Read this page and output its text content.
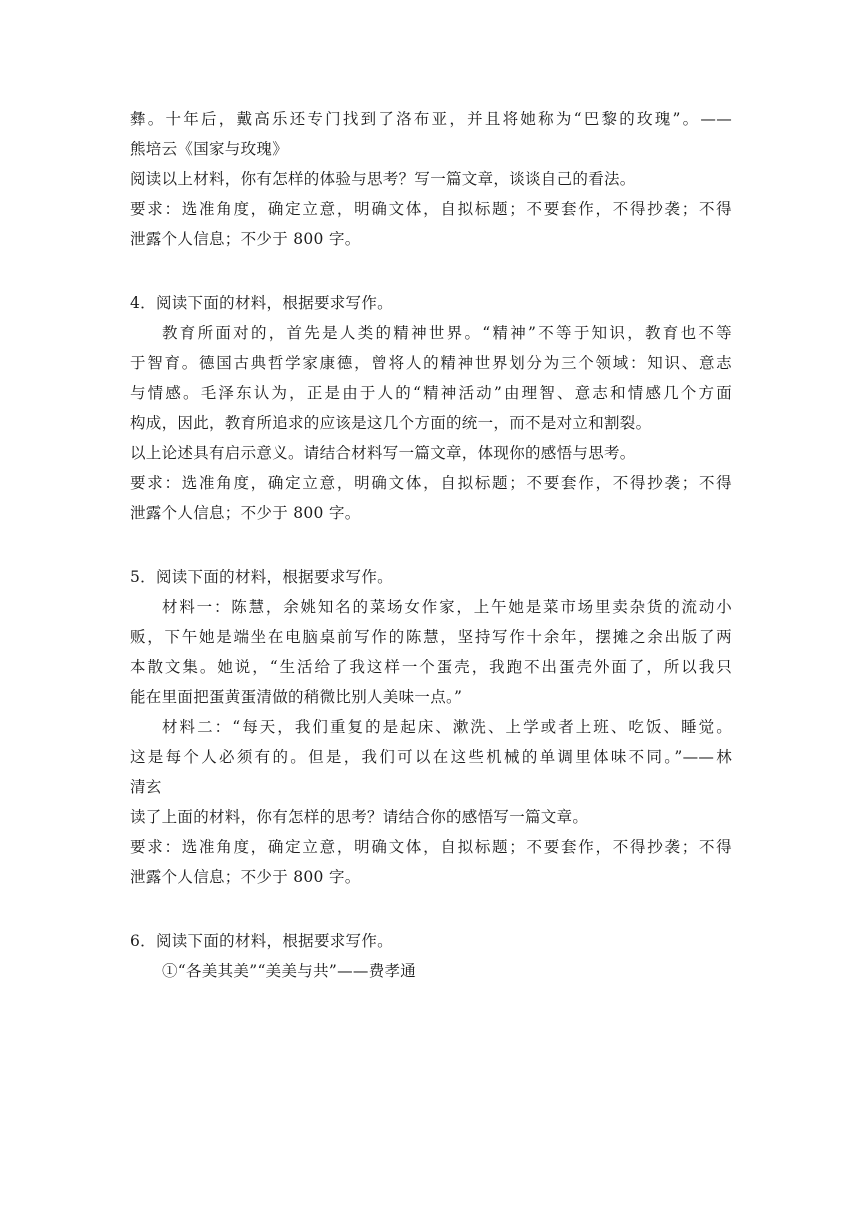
彝。十年后，戴高乐还专门找到了洛布亚，并且将她称为“巴黎的玫瑰”。——
熊培云《国家与玫瑰》
阅读以上材料，你有怎样的体验与思考？写一篇文章，谈谈自己的看法。
要求：选准角度，确定立意，明确文体，自拟标题；不要套作，不得抄袭；不得
泄露个人信息；不少于 800 字。
4．阅读下面的材料，根据要求写作。
教育所面对的，首先是人类的精神世界。“精神”不等于知识，教育也不等
于智育。德国古典哲学家康德，曾将人的精神世界划分为三个领域：知识、意志
与情感。毛泽东认为，正是由于人的“精神活动”由理智、意志和情感几个方面
构成，因此，教育所追求的应该是这几个方面的统一，而不是对立和割裂。
以上论述具有启示意义。请结合材料写一篇文章，体现你的感悟与思考。
要求：选准角度，确定立意，明确文体，自拟标题；不要套作，不得抄袭；不得
泄露个人信息；不少于 800 字。
5．阅读下面的材料，根据要求写作。
材料一：陈慧，余姚知名的菜场女作家，上午她是菜市场里卖杂货的流动小
贩，下午她是端坐在电脑桌前写作的陈慧，坚持写作十余年，摆摊之余出版了两
本散文集。她说，“生活给了我这样一个蛋壳，我跑不出蛋壳外面了，所以我只
能在里面把蛋黄蛋清做的稍微比别人美味一点。”
材料二：“每天，我们重复的是起床、漱洗、上学或者上班、吃饭、睡觉。
这是每个人必须有的。但是，我们可以在这些机械的单调里体味不同。”——林
清玄
读了上面的材料，你有怎样的思考？请结合你的感悟写一篇文章。
要求：选准角度，确定立意，明确文体，自拟标题；不要套作，不得抄袭；不得
泄露个人信息；不少于 800 字。
6．阅读下面的材料，根据要求写作。
①“各美其美”“美美与共”——费孝通
